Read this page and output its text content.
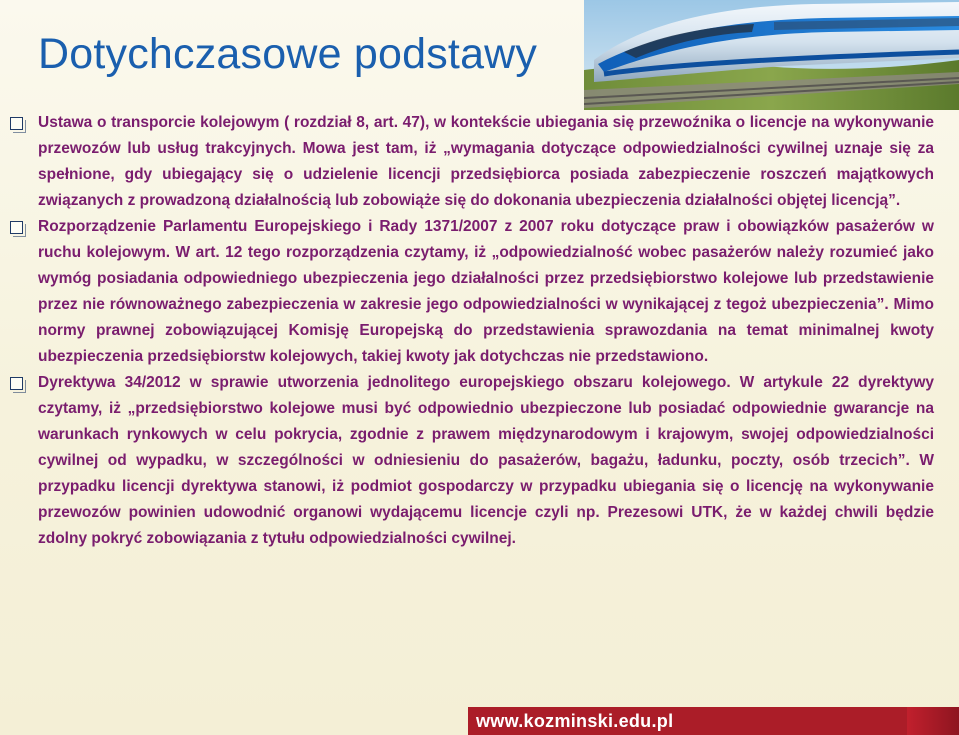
Dotychczasowe podstawy
Ustawa o transporcie kolejowym ( rozdział 8, art. 47), w kontekście ubiegania się przewoźnika o licencje na wykonywanie przewozów lub usług trakcyjnych. Mowa jest tam, iż „wymagania dotyczące odpowiedzialności cywilnej uznaje się za spełnione, gdy ubiegający się o udzielenie licencji przedsiębiorca posiada zabezpieczenie roszczeń majątkowych związanych z prowadzoną działalnością lub zobowiąże się do dokonania ubezpieczenia działalności objętej licencją”.
Rozporządzenie Parlamentu Europejskiego i Rady 1371/2007 z 2007 roku dotyczące praw i obowiązków pasażerów w ruchu kolejowym. W art. 12 tego rozporządzenia czytamy, iż „odpowiedzialność wobec pasażerów należy rozumieć jako wymóg posiadania odpowiedniego ubezpieczenia jego działalności przez przedsiębiorstwo kolejowe lub przedstawienie przez nie równoważnego zabezpieczenia w zakresie jego odpowiedzialności w wynikającej z tegoż ubezpieczenia”. Mimo normy prawnej zobowiązującej Komisję Europejską do przedstawienia sprawozdania na temat minimalnej kwoty ubezpieczenia przedsiębiorstw kolejowych, takiej kwoty jak dotychczas nie przedstawiono.
Dyrektywa 34/2012 w sprawie utworzenia jednolitego europejskiego obszaru kolejowego. W artykule 22 dyrektywy czytamy, iż „przedsiębiorstwo kolejowe musi być odpowiednio ubezpieczone lub posiadać odpowiednie gwarancje na warunkach rynkowych w celu pokrycia, zgodnie z prawem międzynarodowym i krajowym, swojej odpowiedzialności cywilnej od wypadku, w szczególności w odniesieniu do pasażerów, bagażu, ładunku, poczty, osób trzecich”. W przypadku licencji dyrektywa stanowi, iż podmiot gospodarczy w przypadku ubiegania się o licencję na wykonywanie przewozów powinien udowodnić organowi wydającemu licencje czyli np. Prezesowi UTK, że w każdej chwili będzie zdolny pokryć zobowiązania z tytułu odpowiedzialności cywilnej.
www.kozminski.edu.pl
